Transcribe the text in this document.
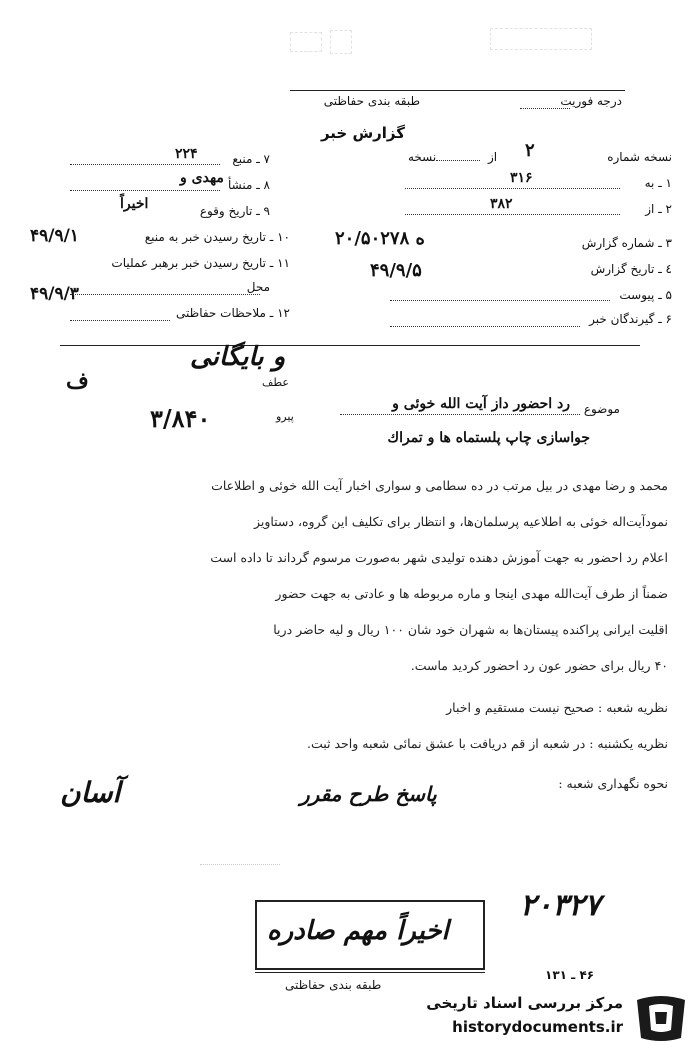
طبقه بندی حفاظتی	درجه فوریت
گزارش خبر
نسخه شماره
۲
از
نسخه
۱ ـ به
۳۱۶
۲ ـ از
۳۸۲
۳ ـ شماره گزارش
۲۰/۵۰۲۷۸ ه
٤ ـ تاریخ گزارش
۴۹/۹/۵
۵ ـ پیوست
۶ ـ گیرندگان خبر
۷ ـ منبع
۲۲۴
۸ ـ منشأ
مهدی و
۹ ـ تاریخ وقوع
اخیراً
۱۰ ـ تاریخ رسیدن خبر به منبع
۴۹/۹/۱
۱۱ ـ تاریخ رسیدن خبر برهبر عملیات
محل
۴۹/۹/۳
۱۲ ـ ملاحظات حفاظتی
و بایگانی
ﻑ	عطف
موضوع
رد احضور داز آیت الله خوئی و
پیرو
۳/۸۴۰
جواسازی چاپ پلستماه ها و تمراك
محمد و رضا مهدی در بیل مرتب در ده سطامی و سواری اخبار آیت الله خوئی و اطلاعات
نمودآیت‌اله خوئی به اطلاعیه پرسلمان‌ها، و انتظار برای تکلیف این گروه، دستاویز
اعلام رد احضور به جهت آموزش دهنده تولیدی شهر به‌صورت مرسوم گرداند تا داده است
ضمناً از طرف آیت‌الله مهدی اینجا و ماره مربوطه ها و عادتی به جهت حضور
اقلیت ایرانی پراکنده پیستان‌ها به شهران خود شان ۱۰۰ ریال و لیه حاضر دریا
۴۰ ریال برای حضور عون رد احضور کردید ماست.
نظریه شعبه : صحیح نیست مستقیم و اخبار
نظریه یکشنبه : در شعبه از قم دریافت با عشق نمائی شعبه واحد ثبت.
نحوه نگهداری شعبه :
پاسخ طرح مقرر
آسان
اخیراً مهم صادره
۲۰۳۲۷
۴۶ ـ ۱۳۱
طبقه بندی حفاظتی
مرکز بررسی اسناد تاریخی
historydocuments.ir
